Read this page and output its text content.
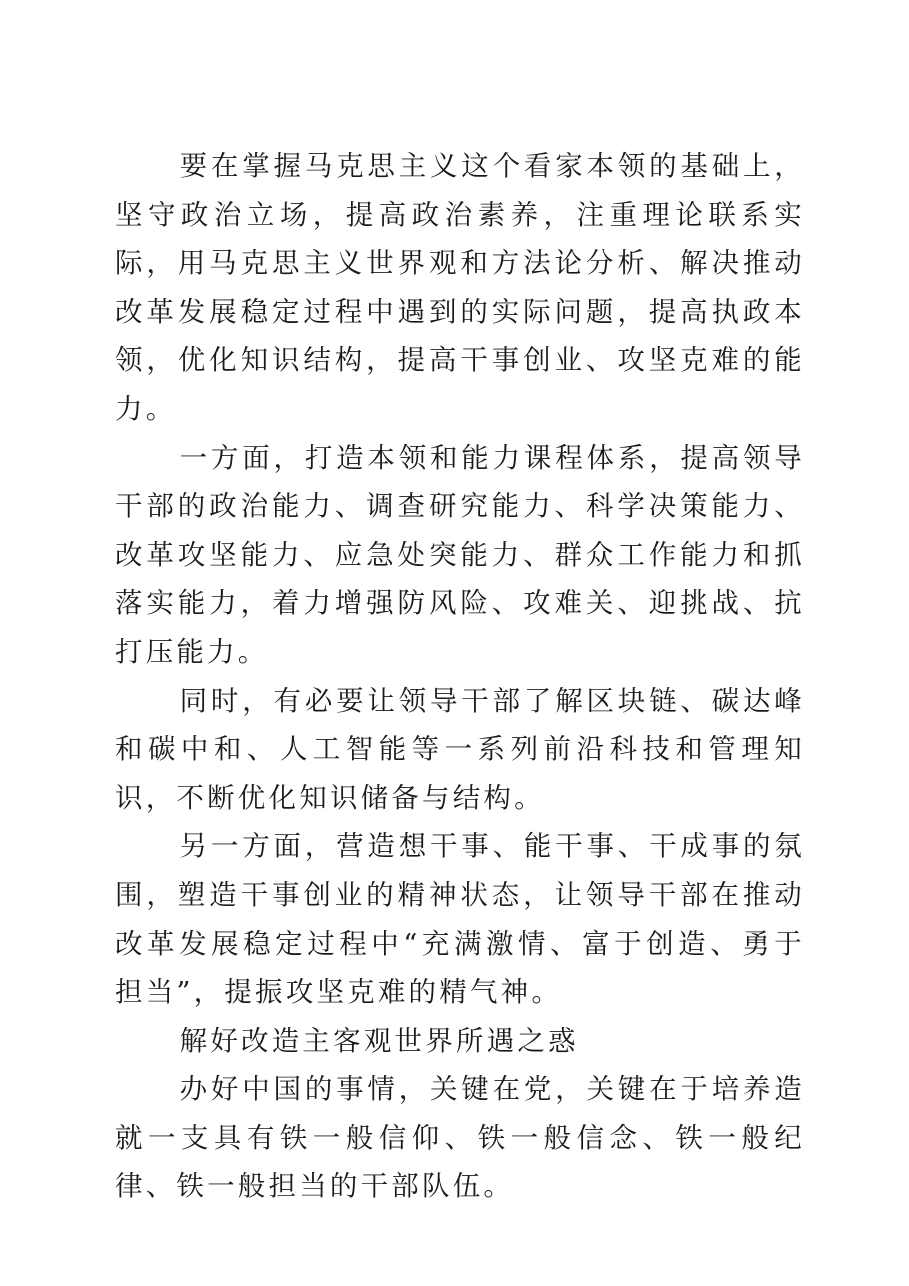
要在掌握马克思主义这个看家本领的基础上，坚守政治立场，提高政治素养，注重理论联系实际，用马克思主义世界观和方法论分析、解决推动改革发展稳定过程中遇到的实际问题，提高执政本领，优化知识结构，提高干事创业、攻坚克难的能力。

一方面，打造本领和能力课程体系，提高领导干部的政治能力、调查研究能力、科学决策能力、改革攻坚能力、应急处突能力、群众工作能力和抓落实能力，着力增强防风险、攻难关、迎挑战、抗打压能力。

同时，有必要让领导干部了解区块链、碳达峰和碳中和、人工智能等一系列前沿科技和管理知识，不断优化知识储备与结构。

另一方面，营造想干事、能干事、干成事的氛围，塑造干事创业的精神状态，让领导干部在推动改革发展稳定过程中“充满激情、富于创造、勇于担当”，提振攻坚克难的精气神。

解好改造主客观世界所遇之惑

办好中国的事情，关键在党，关键在于培养造就一支具有铁一般信仰、铁一般信念、铁一般纪律、铁一般担当的干部队伍。
